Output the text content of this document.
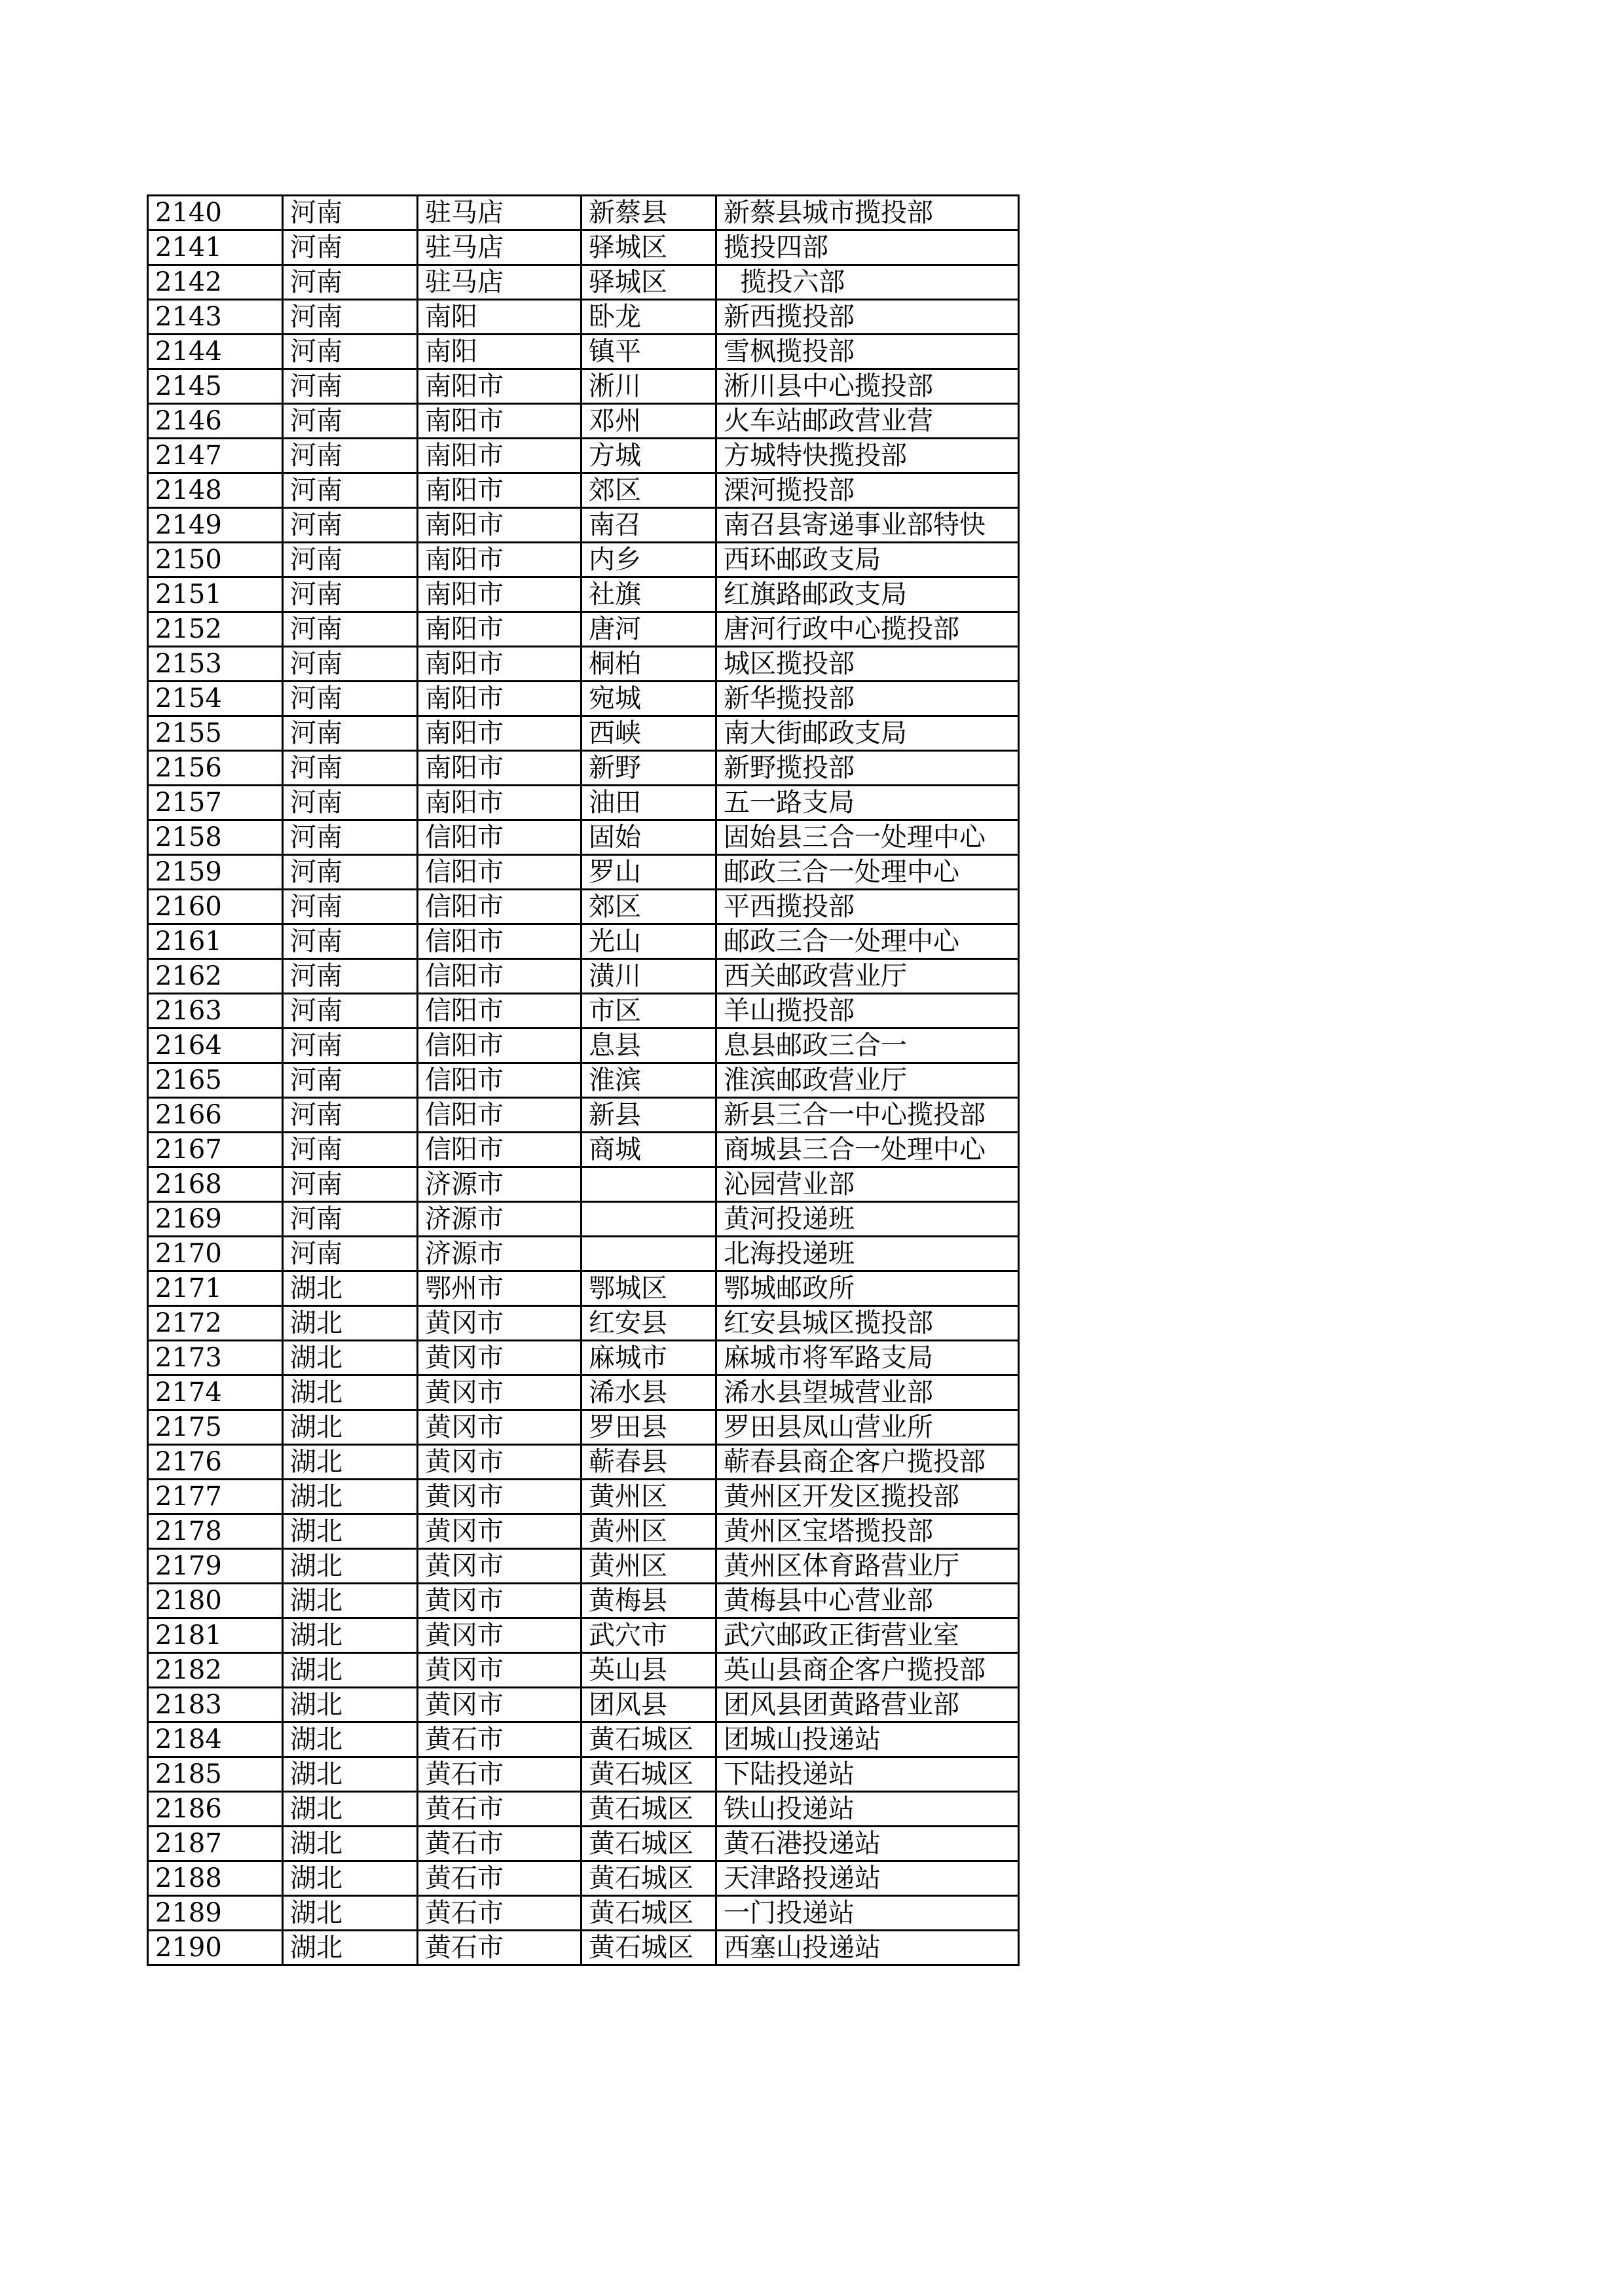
2140	河南	驻马店	新蔡县	新蔡县城市揽投部
2141	河南	驻马店	驿城区	揽投四部
2142	河南	驻马店	驿城区	揽投六部
2143	河南	南阳	卧龙	新西揽投部
2144	河南	南阳	镇平	雪枫揽投部
2145	河南	南阳市	淅川	淅川县中心揽投部
2146	河南	南阳市	邓州	火车站邮政营业营
2147	河南	南阳市	方城	方城特快揽投部
2148	河南	南阳市	郊区	溧河揽投部
2149	河南	南阳市	南召	南召县寄递事业部特快
2150	河南	南阳市	内乡	西环邮政支局
2151	河南	南阳市	社旗	红旗路邮政支局
2152	河南	南阳市	唐河	唐河行政中心揽投部
2153	河南	南阳市	桐柏	城区揽投部
2154	河南	南阳市	宛城	新华揽投部
2155	河南	南阳市	西峡	南大街邮政支局
2156	河南	南阳市	新野	新野揽投部
2157	河南	南阳市	油田	五一路支局
2158	河南	信阳市	固始	固始县三合一处理中心
2159	河南	信阳市	罗山	邮政三合一处理中心
2160	河南	信阳市	郊区	平西揽投部
2161	河南	信阳市	光山	邮政三合一处理中心
2162	河南	信阳市	潢川	西关邮政营业厅
2163	河南	信阳市	市区	羊山揽投部
2164	河南	信阳市	息县	息县邮政三合一
2165	河南	信阳市	淮滨	淮滨邮政营业厅
2166	河南	信阳市	新县	新县三合一中心揽投部
2167	河南	信阳市	商城	商城县三合一处理中心
2168	河南	济源市		沁园营业部
2169	河南	济源市		黄河投递班
2170	河南	济源市		北海投递班
2171	湖北	鄂州市	鄂城区	鄂城邮政所
2172	湖北	黄冈市	红安县	红安县城区揽投部
2173	湖北	黄冈市	麻城市	麻城市将军路支局
2174	湖北	黄冈市	浠水县	浠水县望城营业部
2175	湖北	黄冈市	罗田县	罗田县凤山营业所
2176	湖北	黄冈市	蕲春县	蕲春县商企客户揽投部
2177	湖北	黄冈市	黄州区	黄州区开发区揽投部
2178	湖北	黄冈市	黄州区	黄州区宝塔揽投部
2179	湖北	黄冈市	黄州区	黄州区体育路营业厅
2180	湖北	黄冈市	黄梅县	黄梅县中心营业部
2181	湖北	黄冈市	武穴市	武穴邮政正街营业室
2182	湖北	黄冈市	英山县	英山县商企客户揽投部
2183	湖北	黄冈市	团风县	团风县团黄路营业部
2184	湖北	黄石市	黄石城区	团城山投递站
2185	湖北	黄石市	黄石城区	下陆投递站
2186	湖北	黄石市	黄石城区	铁山投递站
2187	湖北	黄石市	黄石城区	黄石港投递站
2188	湖北	黄石市	黄石城区	天津路投递站
2189	湖北	黄石市	黄石城区	一门投递站
2190	湖北	黄石市	黄石城区	西塞山投递站
